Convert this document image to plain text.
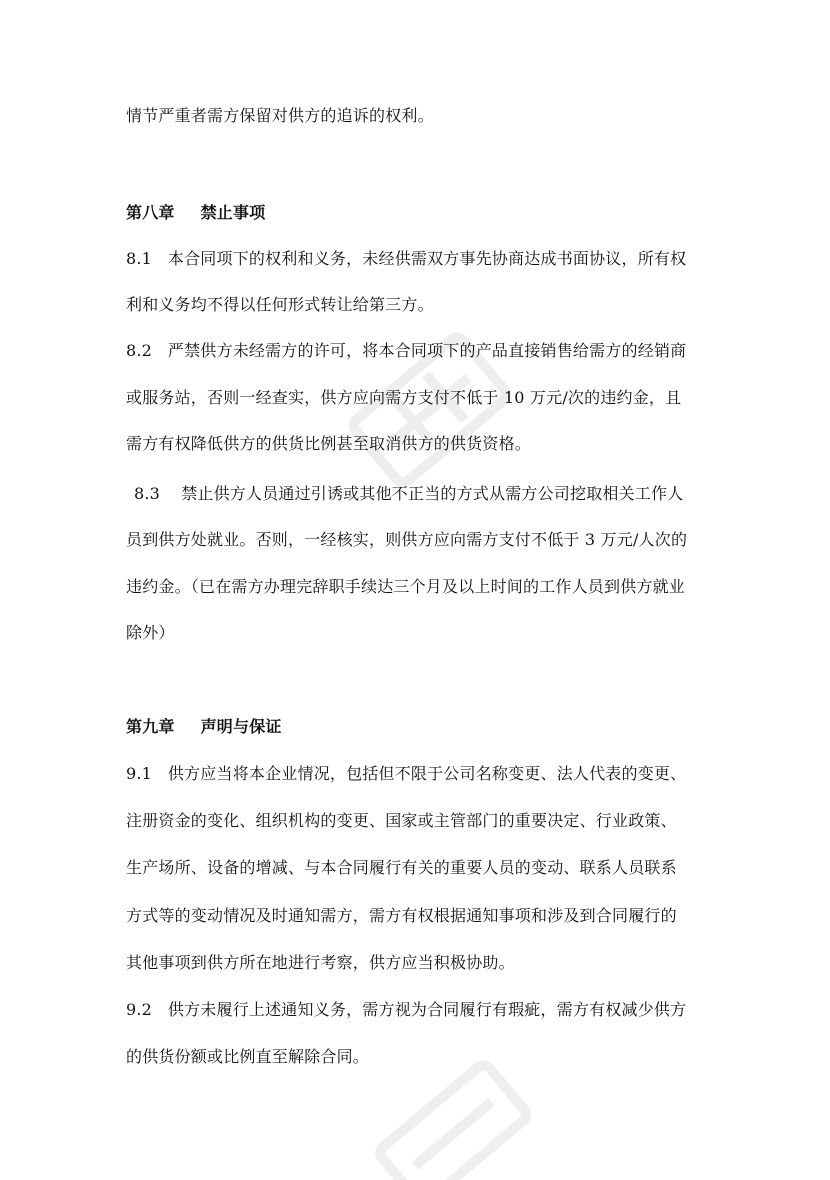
情节严重者需方保留对供方的追诉的权利。
第八章 禁止事项
8.1 本合同项下的权利和义务，未经供需双方事先协商达成书面协议，所有权
利和义务均不得以任何形式转让给第三方。
8.2 严禁供方未经需方的许可，将本合同项下的产品直接销售给需方的经销商
或服务站，否则一经查实，供方应向需方支付不低于 10 万元/次的违约金，且
需方有权降低供方的供货比例甚至取消供方的供货资格。
8.3 禁止供方人员通过引诱或其他不正当的方式从需方公司挖取相关工作人
员到供方处就业。否则，一经核实，则供方应向需方支付不低于 3 万元/人次的
违约金。（已在需方办理完辞职手续达三个月及以上时间的工作人员到供方就业
除外）
第九章 声明与保证
9.1 供方应当将本企业情况，包括但不限于公司名称变更、法人代表的变更、
注册资金的变化、组织机构的变更、国家或主管部门的重要决定、行业政策、
生产场所、设备的增减、与本合同履行有关的重要人员的变动、联系人员联系
方式等的变动情况及时通知需方，需方有权根据通知事项和涉及到合同履行的
其他事项到供方所在地进行考察，供方应当积极协助。
9.2 供方未履行上述通知义务，需方视为合同履行有瑕疵，需方有权减少供方
的供货份额或比例直至解除合同。
